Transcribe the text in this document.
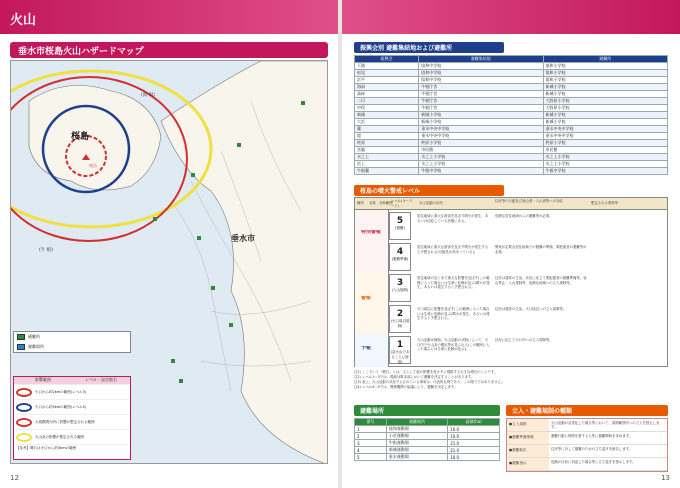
火山
垂水市桜島火山ハザードマップ
桜島
南岳
垂水市
(牛 根)
(海 潟)
避難所
避難場所
影響範囲	レベル・設定地名
火口から約2kmの範囲(レベル3)
火口から約4kmの範囲(レベル4)
大規模噴火時に影響が想定される範囲
火山灰の影響が想定される範囲
【参考】噴石は火口から約4kmの範囲
12
振興会別 避難集結地および避難所
振興会	避難集結地	避難所
下園	協和中学校	協和小学校
松尾	協和中学校	協和小学校
浜平	協和中学校	協和小学校
海潟	牛根庁舎	新城小学校
高峠	牛根庁舎	新城小学校
二川	牛根庁舎	大野原小学校
中俣	牛根庁舎	大野原小学校
新城	新城小学校	新城小学校
大浜	新城小学校	新城小学校
麓	垂水中央中学校	垂水中央中学校
境	垂水中央中学校	垂水中央中学校
柊原	柊原小学校	柊原小学校
宮脇	市民館	市民館
水之上	水之上小学校	水之上小学校
浜上	水之上小学校	水之上小学校
牛根麓	牛根中学校	牛根中学校
桜島の噴火警戒レベル
種別 名称 対象範囲
レベル(キーワード)
火山活動の状況	住民等の行動及び登山者・入山者等への対応	想定される現象等
特別警報
警報
予報
5
(避難)
居住地域に重大な被害を及ぼす噴火が発生、あるいは切迫している状態にある。
危険な居住地域からの避難等が必要。
4
(避難準備)
居住地域に重大な被害を及ぼす噴火が発生すると予想される(可能性が高まっている)。
警戒が必要な居住地域での避難の準備、要配慮者の避難等が必要。
3
(入山規制)
居住地域の近くまで重大な影響を及ぼす(この範囲に入った場合には生命に危険が及ぶ)噴火が発生、あるいは発生すると予想される。
住民は通常の生活。状況に応じて要配慮者の避難準備等。登山禁止・入山規制等、危険な地域への立入規制等。
2
(火口周辺規制)
火口周辺に影響を及ぼす(この範囲に入った場合には生命に危険が及ぶ)噴火が発生、あるいは発生すると予想される。
住民は通常の生活。火口周辺への立入規制等。
1
(活火山であることに留意)
火山活動は静穏。火山活動の状態によって、火口内で火山灰の噴出等が見られる(この範囲に入った場合には生命に危険が及ぶ)。
状況に応じて火口内への立入規制等。
注1) ここでいう「噴石」とは、主として風の影響を受けずに飛散する大きな噴石のことです。
注2) レベル1～3では、現地対策本部において避難を決定することがあります。
注3) 表上、火山活動の状況で示されている事象は、代表的な例であり、この限りではありません。
注4) レベル4～5では、関係機関の協議により、避難を決定します。
避難場所
番号	避難場所	面積(ha)
1	協和運動場	10.0
2	小浜運動場	10.0
3	牛根運動場	21.0
4	新城運動場	21.0
5	垂水運動場	10.0
立入・避難規制の種類
●立入規制	火山活動が活発化した場合等において、規制範囲内への立入を禁止します。
●避難準備情報	避難行動に時間を要する人等に避難開始を求めます。
●避難勧告	住民等に対して避難のための立ち退きを勧告します。
●避難指示	危険が目前に切迫した場合等に立ち退きを指示します。
13
